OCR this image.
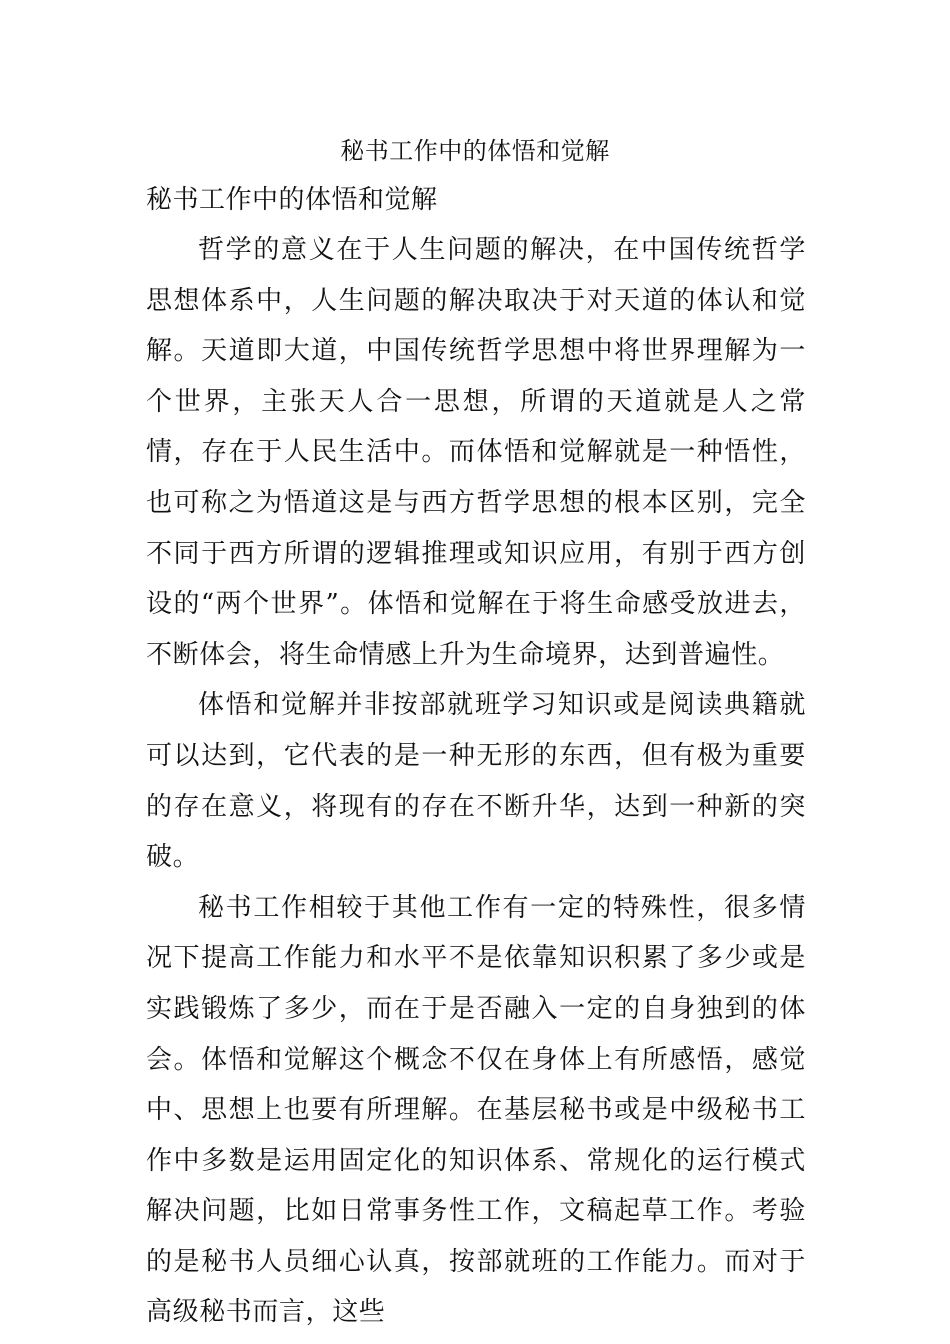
秘书工作中的体悟和觉解
秘书工作中的体悟和觉解

哲学的意义在于人生问题的解决，在中国传统哲学思想体系中，人生问题的解决取决于对天道的体认和觉解。天道即大道，中国传统哲学思想中将世界理解为一个世界，主张天人合一思想，所谓的天道就是人之常情，存在于人民生活中。而体悟和觉解就是一种悟性，也可称之为悟道这是与西方哲学思想的根本区别，完全不同于西方所谓的逻辑推理或知识应用，有别于西方创设的“两个世界”。体悟和觉解在于将生命感受放进去，不断体会，将生命情感上升为生命境界，达到普遍性。

体悟和觉解并非按部就班学习知识或是阅读典籍就可以达到，它代表的是一种无形的东西，但有极为重要的存在意义，将现有的存在不断升华，达到一种新的突破。

秘书工作相较于其他工作有一定的特殊性，很多情况下提高工作能力和水平不是依靠知识积累了多少或是实践锻炼了多少，而在于是否融入一定的自身独到的体会。体悟和觉解这个概念不仅在身体上有所感悟，感觉中、思想上也要有所理解。在基层秘书或是中级秘书工作中多数是运用固定化的知识体系、常规化的运行模式解决问题，比如日常事务性工作，文稿起草工作。考验的是秘书人员细心认真，按部就班的工作能力。而对于高级秘书而言，这些
